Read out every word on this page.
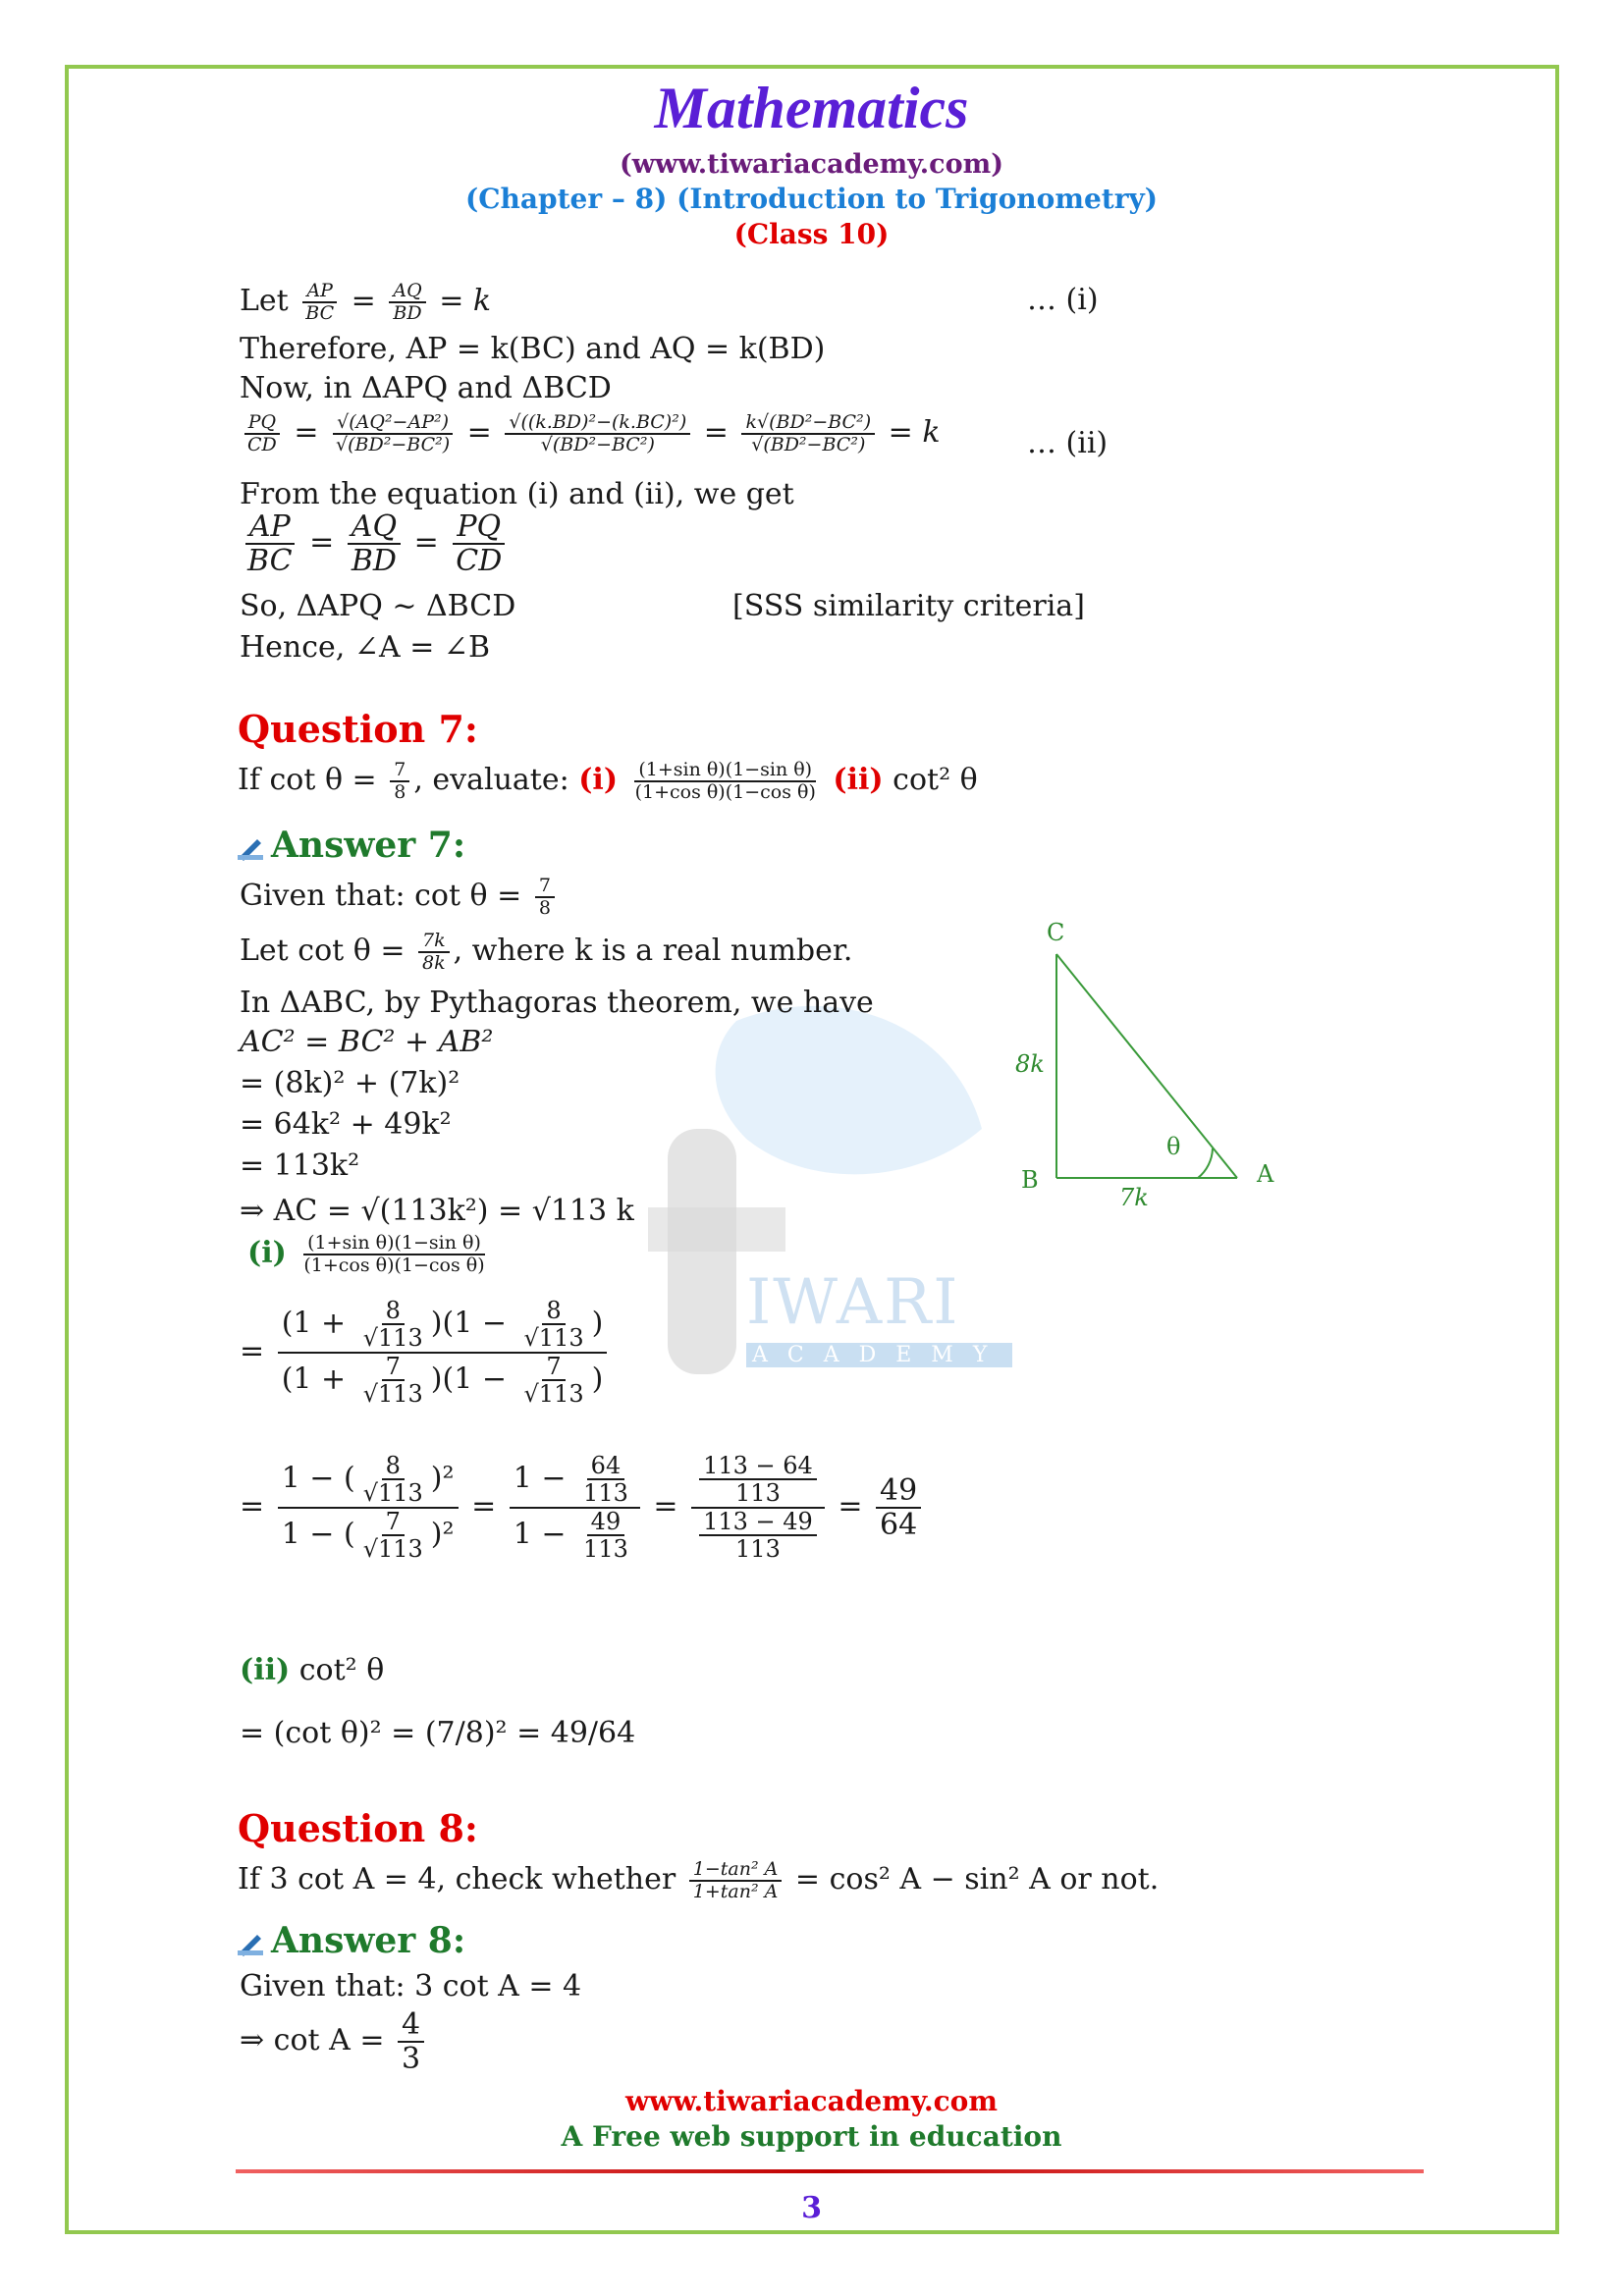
IWARI
ACADEMY
Mathematics
(www.tiwariacademy.com)
(Chapter – 8) (Introduction to Trigonometry)
(Class 10)
Let $\frac{AP}{BC} = \frac{AQ}{BD} = k$	… (i)
Therefore, AP = k(BC) and AQ = k(BD)
Now, in ΔAPQ and ΔBCD
$\frac{PQ}{CD} = \frac{\text{√(AQ²−AP²)}}{\text{√(BD²−BC²)}} = \frac{\text{√((k.BD)²−(k.BC)²)}}{\text{√(BD²−BC²)}} = \frac{\text{k√(BD²−BC²)}}{\text{√(BD²−BC²)}} = k$	… (ii)
From the equation (i) and (ii), we get
$\frac{AP}{BC} = \frac{AQ}{BD} = \frac{PQ}{CD}$
So, ΔAPQ ~ ΔBCD	[SSS similarity criteria]
Hence, ∠A = ∠B
Question 7:
If $\cot \theta = \frac{7}{8}$ , evaluate: $(i) \frac{\text{(1+sin θ)(1−sin θ)}}{\text{(1+cos θ)(1−cos θ)}} (ii)$ cot² θ
Answer 7:
Given that: $\cot \theta = \frac{7}{8}$
Let $\cot \theta = \frac{7k}{8k}$ , where k is a real number.
In ΔABC, by Pythagoras theorem, we have
AC² = BC² + AB²
= (8k)² + (7k)²
= 64k² + 49k²
= 113k²
⇒ AC = √(113k²) = √113 k
$(i) \frac{\text{(1+sin θ)(1−sin θ)}}{\text{(1+cos θ)(1−cos θ)}}$
= $\frac{(1 + \frac{8}{√113} )(1 - \frac{8}{√113} )}{(1 + \frac{7}{√113} )(1 - \frac{7}{√113} )}$
= $\frac{1 - ( \frac{8}{√113} )^2}{1 - ( \frac{7}{√113} )^2} = \frac{1 - \frac{64}{113}}{1 - \frac{49}{113}} = \frac{\frac{113 - 64}{113}}{\frac{113 - 49}{113}} = \frac{49}{64}$
(ii) cot² θ
= (cot θ)² = (7/8)² = 49/64
Question 8:
If 3 cot A = 4, check whether $\frac{\text{1−tan² A}}{\text{1+tan² A}} = \cos^2$ A − sin² A or not.
Answer 8:
Given that: 3 cot A = 4
⇒ $\cot A = \frac{4}{3}$
C
B	A
8k
7k
θ
www.tiwariacademy.com
A Free web support in education
3
